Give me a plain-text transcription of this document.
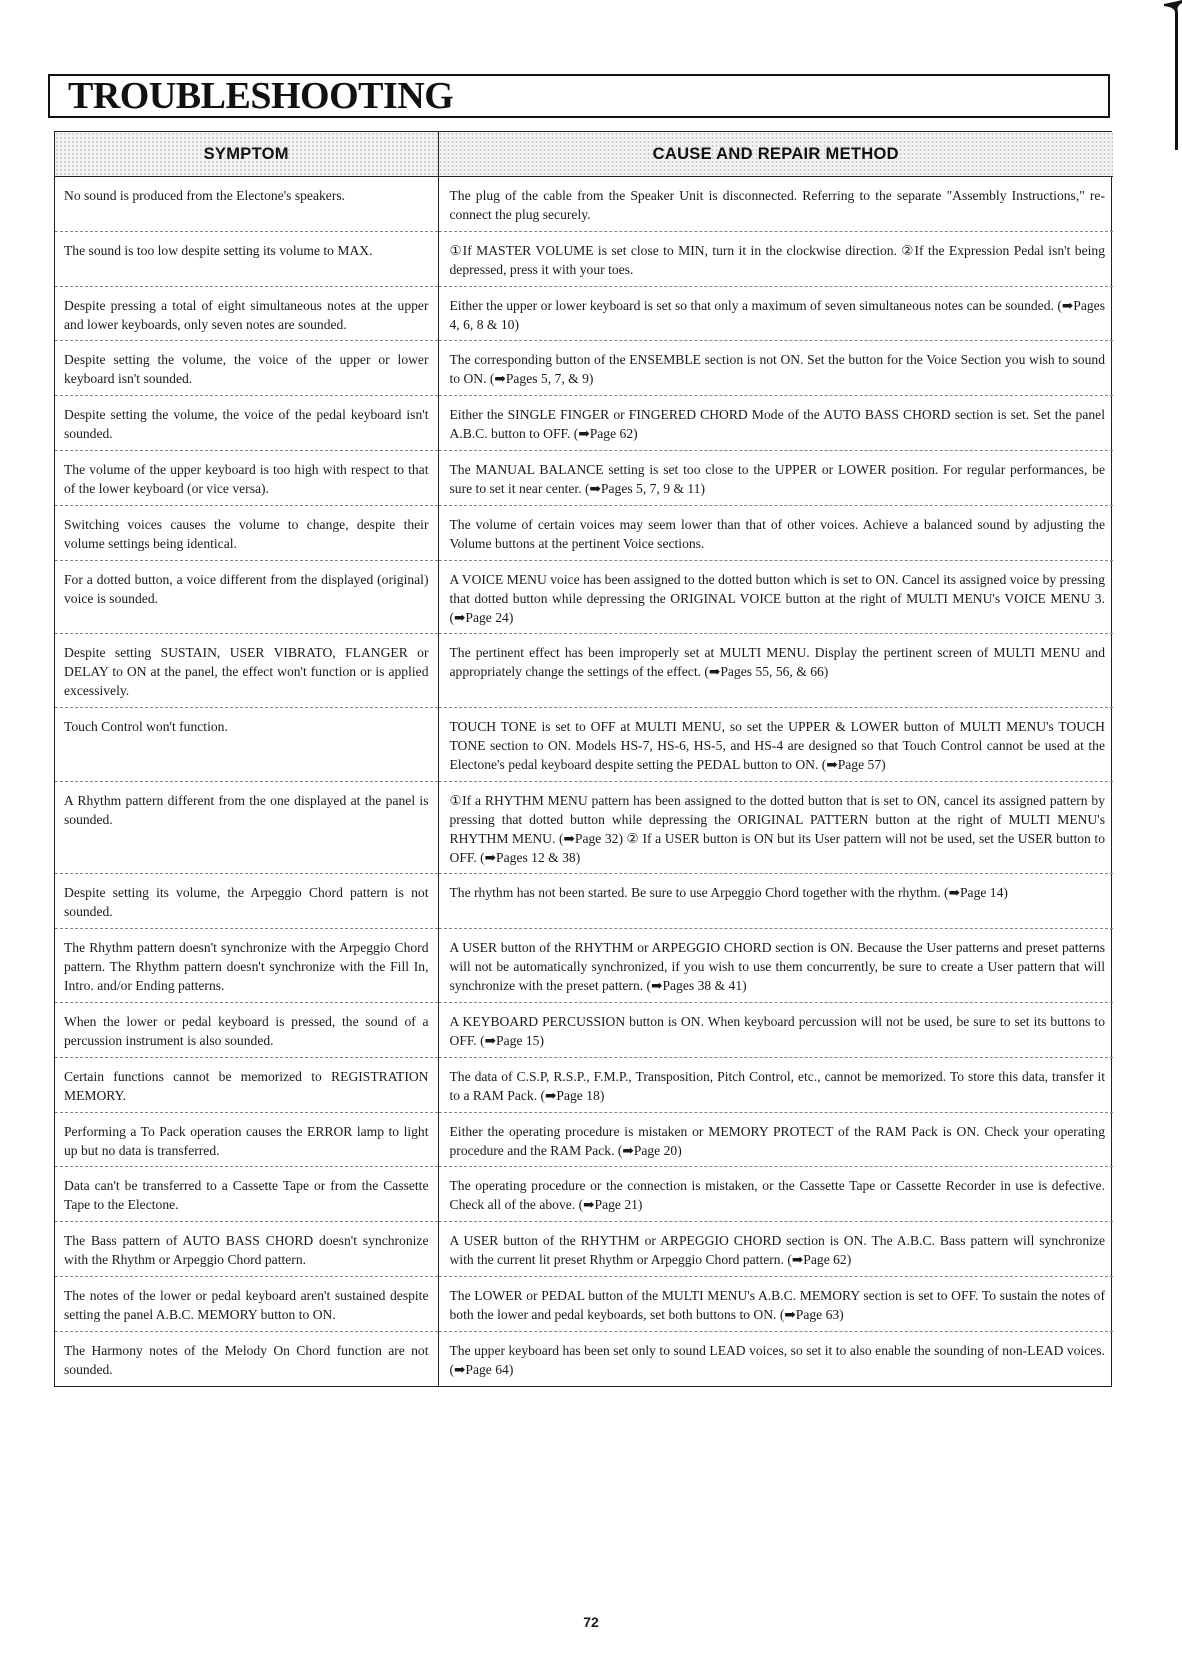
TROUBLESHOOTING
SYMPTOM	CAUSE AND REPAIR METHOD
No sound is produced from the Electone's speakers.	The plug of the cable from the Speaker Unit is disconnected. Referring to the separate "Assembly Instructions," re-connect the plug securely.
The sound is too low despite setting its volume to MAX.	①If MASTER VOLUME is set close to MIN, turn it in the clockwise direction. ②If the Expression Pedal isn't being depressed, press it with your toes.
Despite pressing a total of eight simultaneous notes at the upper and lower keyboards, only seven notes are sounded.	Either the upper or lower keyboard is set so that only a maximum of seven simultaneous notes can be sounded. (➡Pages 4, 6, 8 & 10)
Despite setting the volume, the voice of the upper or lower keyboard isn't sounded.	The corresponding button of the ENSEMBLE section is not ON. Set the button for the Voice Section you wish to sound to ON. (➡Pages 5, 7, & 9)
Despite setting the volume, the voice of the pedal keyboard isn't sounded.	Either the SINGLE FINGER or FINGERED CHORD Mode of the AUTO BASS CHORD section is set. Set the panel A.B.C. button to OFF. (➡Page 62)
The volume of the upper keyboard is too high with respect to that of the lower keyboard (or vice versa).	The MANUAL BALANCE setting is set too close to the UPPER or LOWER position. For regular performances, be sure to set it near center. (➡Pages 5, 7, 9 & 11)
Switching voices causes the volume to change, despite their volume settings being identical.	The volume of certain voices may seem lower than that of other voices. Achieve a balanced sound by adjusting the Volume buttons at the pertinent Voice sections.
For a dotted button, a voice different from the displayed (original) voice is sounded.	A VOICE MENU voice has been assigned to the dotted button which is set to ON. Cancel its assigned voice by pressing that dotted button while depressing the ORIGINAL VOICE button at the right of MULTI MENU's VOICE MENU 3. (➡Page 24)
Despite setting SUSTAIN, USER VIBRATO, FLANGER or DELAY to ON at the panel, the effect won't function or is applied excessively.	The pertinent effect has been improperly set at MULTI MENU. Display the pertinent screen of MULTI MENU and appropriately change the settings of the effect. (➡Pages 55, 56, & 66)
Touch Control won't function.	TOUCH TONE is set to OFF at MULTI MENU, so set the UPPER & LOWER button of MULTI MENU's TOUCH TONE section to ON. Models HS-7, HS-6, HS-5, and HS-4 are designed so that Touch Control cannot be used at the Electone's pedal keyboard despite setting the PEDAL button to ON. (➡Page 57)
A Rhythm pattern different from the one displayed at the panel is sounded.	①If a RHYTHM MENU pattern has been assigned to the dotted button that is set to ON, cancel its assigned pattern by pressing that dotted button while depressing the ORIGINAL PATTERN button at the right of MULTI MENU's RHYTHM MENU. (➡Page 32) ② If a USER button is ON but its User pattern will not be used, set the USER button to OFF. (➡Pages 12 & 38)
Despite setting its volume, the Arpeggio Chord pattern is not sounded.	The rhythm has not been started. Be sure to use Arpeggio Chord together with the rhythm. (➡Page 14)
The Rhythm pattern doesn't synchronize with the Arpeggio Chord pattern. The Rhythm pattern doesn't synchronize with the Fill In, Intro. and/or Ending patterns.	A USER button of the RHYTHM or ARPEGGIO CHORD section is ON. Because the User patterns and preset patterns will not be automatically synchronized, if you wish to use them concurrently, be sure to create a User pattern that will synchronize with the preset pattern. (➡Pages 38 & 41)
When the lower or pedal keyboard is pressed, the sound of a percussion instrument is also sounded.	A KEYBOARD PERCUSSION button is ON. When keyboard percussion will not be used, be sure to set its buttons to OFF. (➡Page 15)
Certain functions cannot be memorized to REGISTRATION MEMORY.	The data of C.S.P, R.S.P., F.M.P., Transposition, Pitch Control, etc., cannot be memorized. To store this data, transfer it to a RAM Pack. (➡Page 18)
Performing a To Pack operation causes the ERROR lamp to light up but no data is transferred.	Either the operating procedure is mistaken or MEMORY PROTECT of the RAM Pack is ON. Check your operating procedure and the RAM Pack. (➡Page 20)
Data can't be transferred to a Cassette Tape or from the Cassette Tape to the Electone.	The operating procedure or the connection is mistaken, or the Cassette Tape or Cassette Recorder in use is defective. Check all of the above. (➡Page 21)
The Bass pattern of AUTO BASS CHORD doesn't synchronize with the Rhythm or Arpeggio Chord pattern.	A USER button of the RHYTHM or ARPEGGIO CHORD section is ON. The A.B.C. Bass pattern will synchronize with the current lit preset Rhythm or Arpeggio Chord pattern. (➡Page 62)
The notes of the lower or pedal keyboard aren't sustained despite setting the panel A.B.C. MEMORY button to ON.	The LOWER or PEDAL button of the MULTI MENU's A.B.C. MEMORY section is set to OFF. To sustain the notes of both the lower and pedal keyboards, set both buttons to ON. (➡Page 63)
The Harmony notes of the Melody On Chord function are not sounded.	The upper keyboard has been set only to sound LEAD voices, so set it to also enable the sounding of non-LEAD voices. (➡Page 64)
72
